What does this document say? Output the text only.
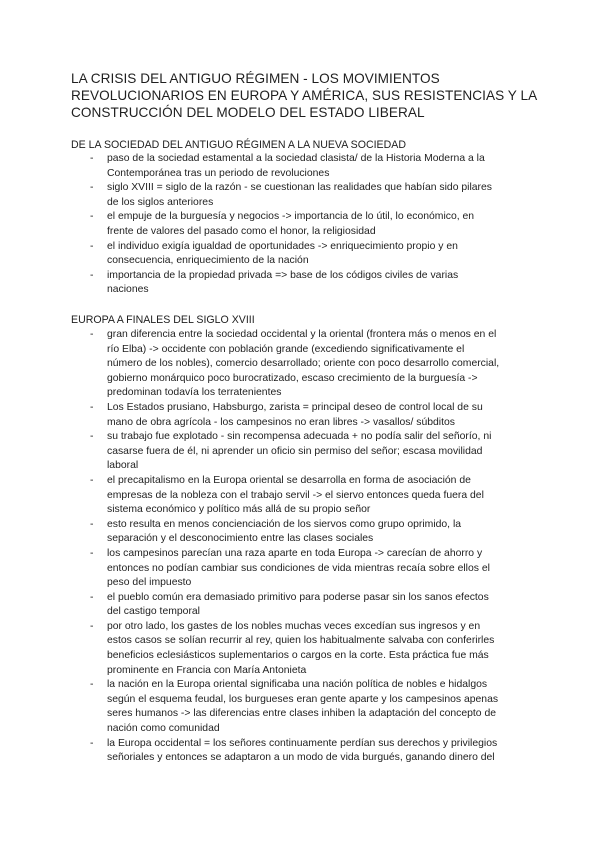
LA CRISIS DEL ANTIGUO RÉGIMEN - LOS MOVIMIENTOS
REVOLUCIONARIOS EN EUROPA Y AMÉRICA, SUS RESISTENCIAS Y LA
CONSTRUCCIÓN DEL MODELO DEL ESTADO LIBERAL
DE LA SOCIEDAD DEL ANTIGUO RÉGIMEN A LA NUEVA SOCIEDAD
- paso de la sociedad estamental a la sociedad clasista/ de la Historia Moderna a la
Contemporánea tras un periodo de revoluciones
- siglo XVIII = siglo de la razón - se cuestionan las realidades que habían sido pilares
de los siglos anteriores
- el empuje de la burguesía y negocios -> importancia de lo útil, lo económico, en
frente de valores del pasado como el honor, la religiosidad
- el individuo exigía igualdad de oportunidades -> enriquecimiento propio y en
consecuencia, enriquecimiento de la nación
- importancia de la propiedad privada => base de los códigos civiles de varias
naciones
EUROPA A FINALES DEL SIGLO XVIII
- gran diferencia entre la sociedad occidental y la oriental (frontera más o menos en el
río Elba) -> occidente con población grande (excediendo significativamente el
número de los nobles), comercio desarrollado; oriente con poco desarrollo comercial,
gobierno monárquico poco burocratizado, escaso crecimiento de la burguesía ->
predominan todavía los terratenientes
- Los Estados prusiano, Habsburgo, zarista = principal deseo de control local de su
mano de obra agrícola - los campesinos no eran libres -> vasallos/ súbditos
- su trabajo fue explotado - sin recompensa adecuada + no podía salir del señorío, ni
casarse fuera de él, ni aprender un oficio sin permiso del señor; escasa movilidad
laboral
- el precapitalismo en la Europa oriental se desarrolla en forma de asociación de
empresas de la nobleza con el trabajo servil -> el siervo entonces queda fuera del
sistema económico y político más allá de su propio señor
- esto resulta en menos concienciación de los siervos como grupo oprimido, la
separación y el desconocimiento entre las clases sociales
- los campesinos parecían una raza aparte en toda Europa -> carecían de ahorro y
entonces no podían cambiar sus condiciones de vida mientras recaía sobre ellos el
peso del impuesto
- el pueblo común era demasiado primitivo para poderse pasar sin los sanos efectos
del castigo temporal
- por otro lado, los gastes de los nobles muchas veces excedían sus ingresos y en
estos casos se solían recurrir al rey, quien los habitualmente salvaba con conferirles
beneficios eclesiásticos suplementarios o cargos en la corte. Esta práctica fue más
prominente en Francia con María Antonieta
- la nación en la Europa oriental significaba una nación política de nobles e hidalgos
según el esquema feudal, los burgueses eran gente aparte y los campesinos apenas
seres humanos -> las diferencias entre clases inhiben la adaptación del concepto de
nación como comunidad
- la Europa occidental = los señores continuamente perdían sus derechos y privilegios
señoriales y entonces se adaptaron a un modo de vida burgués, ganando dinero del
